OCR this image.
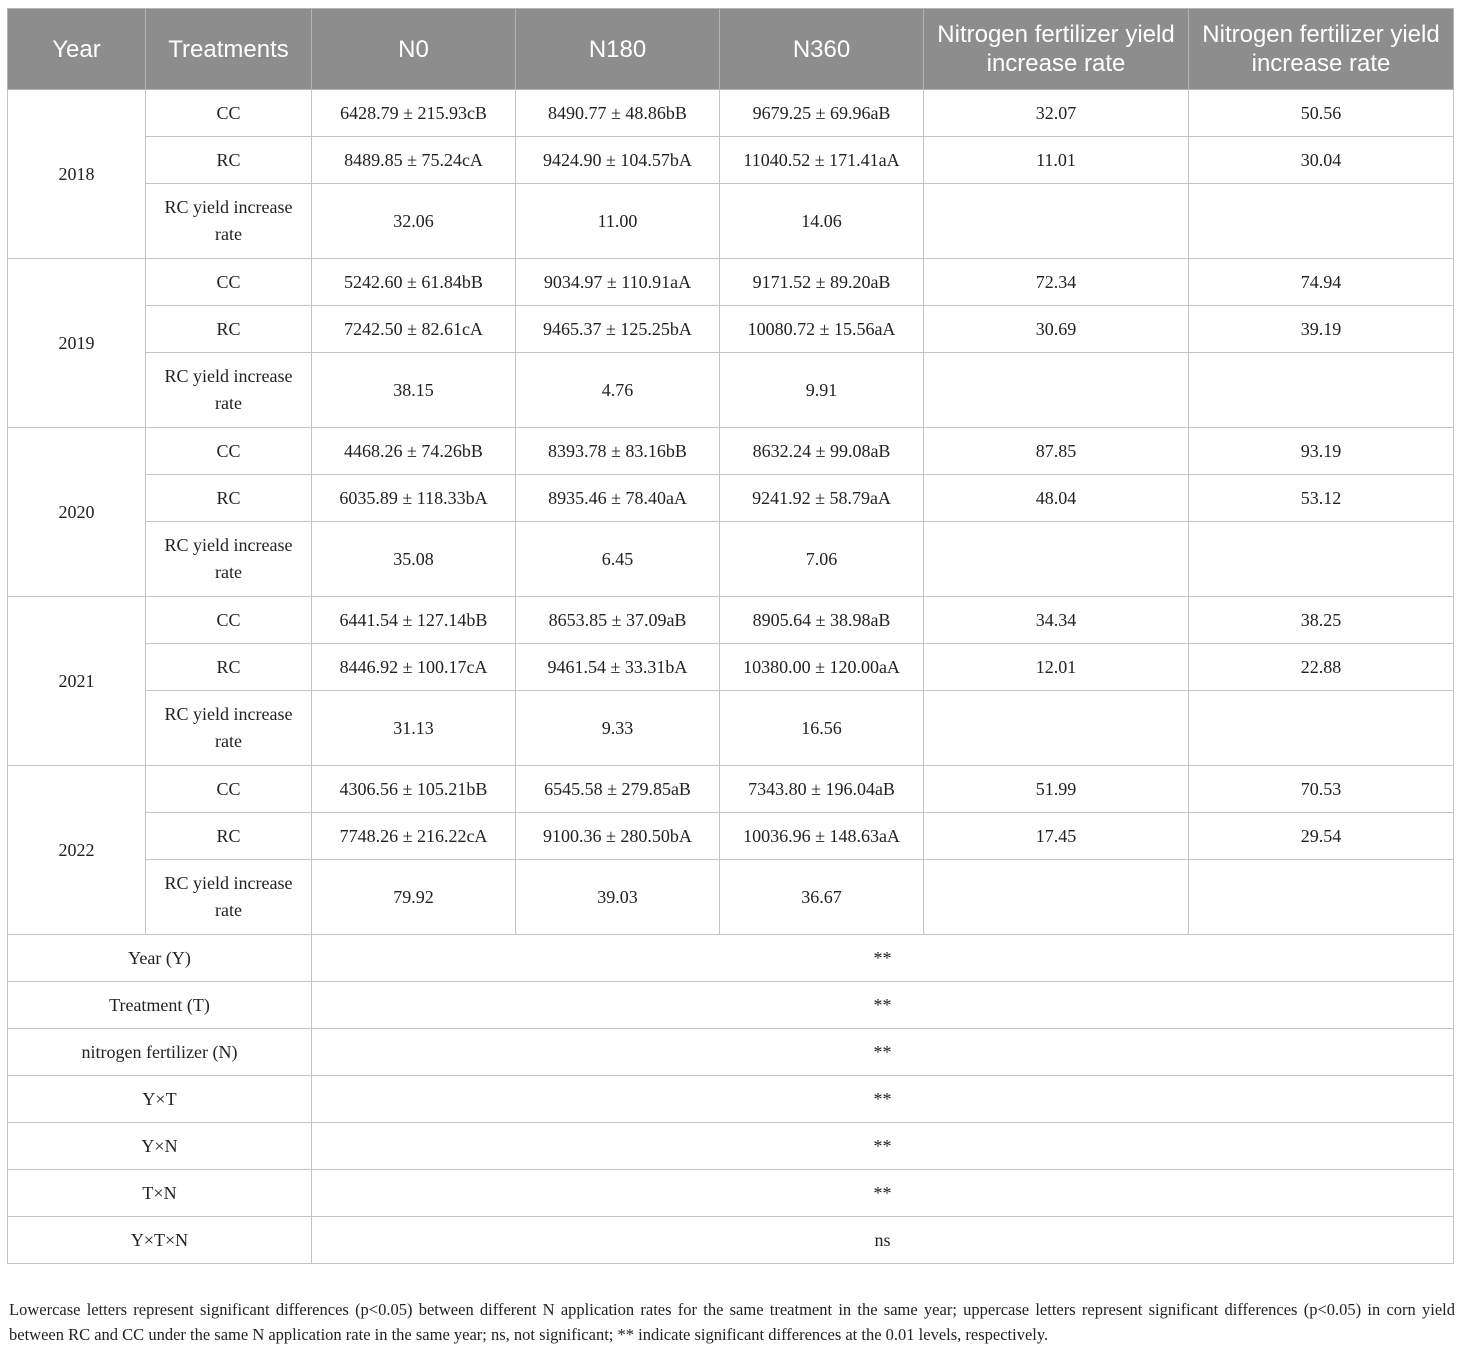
Year	Treatments	N0	N180	N360	Nitrogen fertilizer yield increase rate	Nitrogen fertilizer yield increase rate
2018	CC	6428.79 ± 215.93cB	8490.77 ± 48.86bB	9679.25 ± 69.96aB	32.07	50.56
	RC	8489.85 ± 75.24cA	9424.90 ± 104.57bA	11040.52 ± 171.41aA	11.01	30.04
	RC yield increase rate	32.06	11.00	14.06		
2019	CC	5242.60 ± 61.84bB	9034.97 ± 110.91aA	9171.52 ± 89.20aB	72.34	74.94
	RC	7242.50 ± 82.61cA	9465.37 ± 125.25bA	10080.72 ± 15.56aA	30.69	39.19
	RC yield increase rate	38.15	4.76	9.91		
2020	CC	4468.26 ± 74.26bB	8393.78 ± 83.16bB	8632.24 ± 99.08aB	87.85	93.19
	RC	6035.89 ± 118.33bA	8935.46 ± 78.40aA	9241.92 ± 58.79aA	48.04	53.12
	RC yield increase rate	35.08	6.45	7.06		
2021	CC	6441.54 ± 127.14bB	8653.85 ± 37.09aB	8905.64 ± 38.98aB	34.34	38.25
	RC	8446.92 ± 100.17cA	9461.54 ± 33.31bA	10380.00 ± 120.00aA	12.01	22.88
	RC yield increase rate	31.13	9.33	16.56		
2022	CC	4306.56 ± 105.21bB	6545.58 ± 279.85aB	7343.80 ± 196.04aB	51.99	70.53
	RC	7748.26 ± 216.22cA	9100.36 ± 280.50bA	10036.96 ± 148.63aA	17.45	29.54
	RC yield increase rate	79.92	39.03	36.67		
Year (Y)		**				
Treatment (T)		**				
nitrogen fertilizer (N)		**				
Y×T		**				
Y×N		**				
T×N		**				
Y×T×N		ns				
Lowercase letters represent significant differences (p<0.05) between different N application rates for the same treatment in the same year; uppercase letters represent significant differences (p<0.05) in corn yield between RC and CC under the same N application rate in the same year; ns, not significant; ** indicate significant differences at the 0.01 levels, respectively.
